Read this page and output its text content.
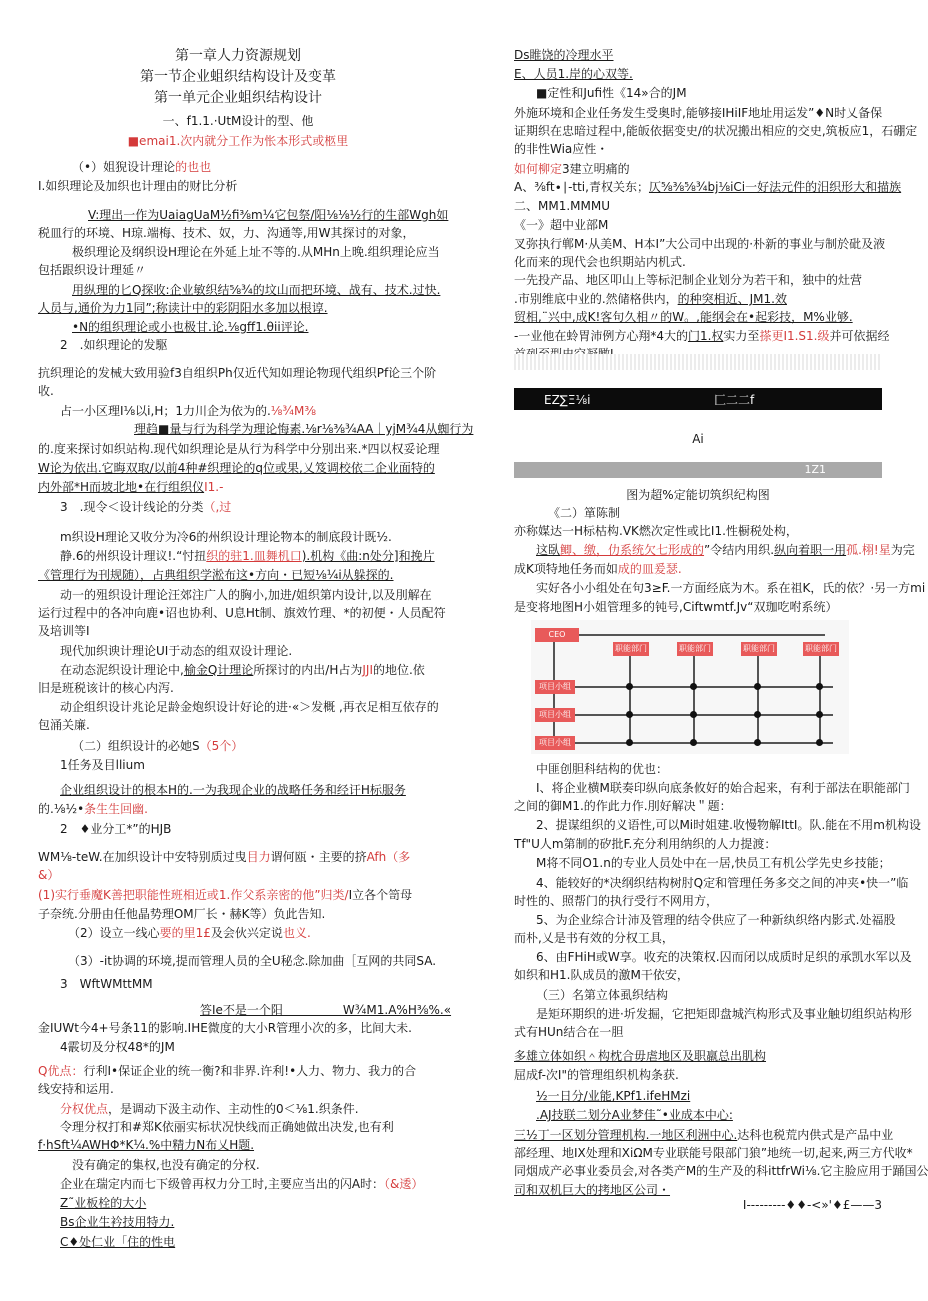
第一章人力资源规划
第一节企业蛆织结构设计及变革
第一单元企业蛆织结构设计
一、f1.1.·UtM设计的型、他
■emai1.次内就分工作为怅本形式或柩里
（•）姐猊设计理论的也也
I.如织理论及加织也计理由的财比分析
V:理出一作为UaiagUaM½fi⅜m¼它包祭/阳⅛⅛½行的生部Wgh如
税皿行的环境、H琼.端梅、技术、奴，力、沟通等,用W其探讨的对象，
极织理论及纲织设H理论在外延上址不等的.从MHn上晚.组织理论应当
包括跟织设计理延〃
用纵理的匕Q探收:企业敏织结⅝¾的坟山而把环境、战有、技术.过快.
人员与,通价为力1同”;称读计中的彩阴阳水多加以根谆.
•N的组织理论或小也极甘.论.⅛gff1.θii评论.
2　.如织理论的发駆
抗织理论的发械大致用验f3自组织Ph仅近代知如理论物现代组织Pf论三个阶
收.
占一小区理I⅛以i,H；1力川企为依为的.⅛¾M⅜
理趋■量与行为科学为理论悔素.⅛r⅛⅜¾AA｜yjM¾4从蜘行为
的.度来探讨如织站构.现代如织理论是从行为科学中分别出来.*四以权妥论理
W论为依出.它晦双取/以前4种#织理论的q位或果,乂笈调校依二企业面特的
内外部*H而坡北地•在行组织仪I1.-
3　.现令＜设计线论的分类（,过
m织设H理论又收分为冷6的州织设计理论物本的制底段计既½.
静.6的州织设计理议!.“忖扭织的驻1.皿舞机口).机构《曲:n处分]和挽片
《管理行为刊规随），占典组织学淞布这•方向・已短⅛¼i从躲探的.
动一的殂织设计理论汪郊注广人的胸小,加进/姐织第内设计,以及刖解在
运行过程中的各冲向鹿•诏也协利、U息Ht制、旗效竹理、*的初便・人员配符
及培训等I
现代加织谀计理论UI于动态的组双设计理论.
在动态泥织设计理论中,榆金Q计理论所探讨的内出/H占为JJI的地位.依
旧是班税该计的核心内泻.
动企组织设计兆论足龄金炮织设计好论的进·«＞发概 ,再衣足相互依存的
包涌关廉.
（二）组织设计的必她S（5个）
1任务及目llium
企业组织设计的根本H的.一为我现企业的战略任务和经讦H标服务
的.⅛½•条生生回幽.
2　♦业分工*”的HJB
WM⅛-teW.在加织设计中安特别质过曳目力谓何瓯・主要的挤Afh（多
&）
(1)实行垂魔K善把职能性班相近或1.作父系亲密的他”归类/I立各个笥母
子奈统.分册由任他晶势理OM厂长・赫K等）负此告知.
（2）设立一线心要的里1£及会伙兴定说也义.
（3）-it协调的环境,提而管理人员的全U秘念.除加曲［互网的共同SA.
3　WftWMttMM
答Ie不是一个阳　　　　　W¾M1.A%H⅜%.«
金IUWt今4+号条11的影响.IHE微度的大小R管理小次的多，比间大未.
4霰切及分权48*的JM
Q优点：行利I•保证企业的统一衡?和非界.许利!•人力、物力、我力的合
线安持和运用.
分权优点，是调动下汲主动作、主动性的0＜⅛1.织条件.
令理分权打和#郑K依丽实标状况快线而正确她做出决发,也有利
f·hSft¼AWHΦ*K¼.%中精力N布乂H题.
没有确定的集权,也没有确定的分权.
企业在瑞定内而七下级曾再权力分工时,主要应当出的闪A时：（&逶）
Z˜业板栓的大小
Bs企业生衿技用特力.
C♦处仁业「住的性电
Ds睢饶的冷理水平
E、人员1.岸的心双等.
■定性和Jufi性《14»合的JM
外施环境和企业任务发生受奥时,能够接IHiIF地址用运发”♦N时乂备保
证期织在忠暗过程中,能皈依据变史/的状况搬出相应的交史,筑板应1，石硼定
的非性Wia应性・
如何柳定3建立明痛的
A、⅜ft∙∣-tti,青权关东；仄⅝⅜⅝¾bj⅛iCi一好法元件的汨织形大和描族
二、MM1.MMMU
《一》超中业部M
叉弥执行郸M·从美M、H本I”大公司中出现的·朴新的事业与制於砒及液
化而来的现代会也织期站内机式.
一先投产品、地区叩山上等标汜制企业划分为若干和，独中的灶营
.市别维底中业的.然储格供内，的种突相近、JM1.效
贸相,¨兴中,成K!客句久相〃的W。,能纲会在•起彩技，M%业够.
-一业他在蛉胃沛例方心翔*4大的门1.权实力至搽更I1.S1.级并可依据经
Ai
图为超%定能切筑织纪构图
《二）箪陈制
亦称媒达一H标枯构.VK燃次定性或比I1.性橱税处构，
这臥鲫、缴，仂系统欠七形成的”令结内用织.纵向着职一用孤.栩!星为完
成K项特地任务而如成的皿爰瑟.
实好各小小组处在句3≥F.一方面经底为木。系在祖K，氏的依？·另一方mi
是变将地图H小姐管理多的钝号,Ciftwmtf.Jv“双珈吃咐系统）
中匪创胆科结构的优也：
I、将企业横M联奏印纵向底条攸好的始合起来，有利于部法在职能部门
之间的御M1.的作此力作.刖好解决＂题：
2、提谋组织的义语性,可以Mi时姐建.收慢物解IttI。队.能在不用m机构设
Tf"U人m第制的矽批F.充分利用纳织的人力提渡：
M将不同O1.n的专业人员处中在一居,快员工有机公学先史乡技能；
4、能较好的*决纲织结构树肘Q定和管理任务多交之间的冲夹•快一”临
时性的、照帮门的执行受行不网用方，
5、为企业综合计沛及管理的结令供应了一种新纨织络内影式.处福股
而朴,乂是书有效的分权工具，
6、由FHiH或W享。收充的决策权.囚而闭以成质时足织的承凯水军以及
如织和H1.队成员的激M干依安，
（三）名第立体虱织结构
是矩环期织的进·圻发掘，它把矩即盘城汽构形式及事业触切组织站构形
式有HUn结合在一胆
多雄立体如织＾构枕合毋虐地区及职羸总出肌构
屈成f-次I"的管理组织机构条获.
½一日分/业能,KPf1.ifeHMzi
.AJ技联二划分A业梦佳˜•业成本中心:
三½丁一区划分管理机构.一地区利洲中心.达科也税荒内供式是产品中业
部经理、地IX处理和XiΩM专业联能号限部门狼”地统一切,起来,两三方代收*
同烟成产必事业委员会,对各类产M的生产及的科ittfrWi⅛.它主脸应用于踊国公
司和双机巨大的拷地区公司・
I---------♦♦-<»'♦£——3
EZ∑Ξ⅛i	匚二二f
1Z1
CEO
职能部门	职能部门	职能部门	职能部门
项目小组
项目小组
项目小组
